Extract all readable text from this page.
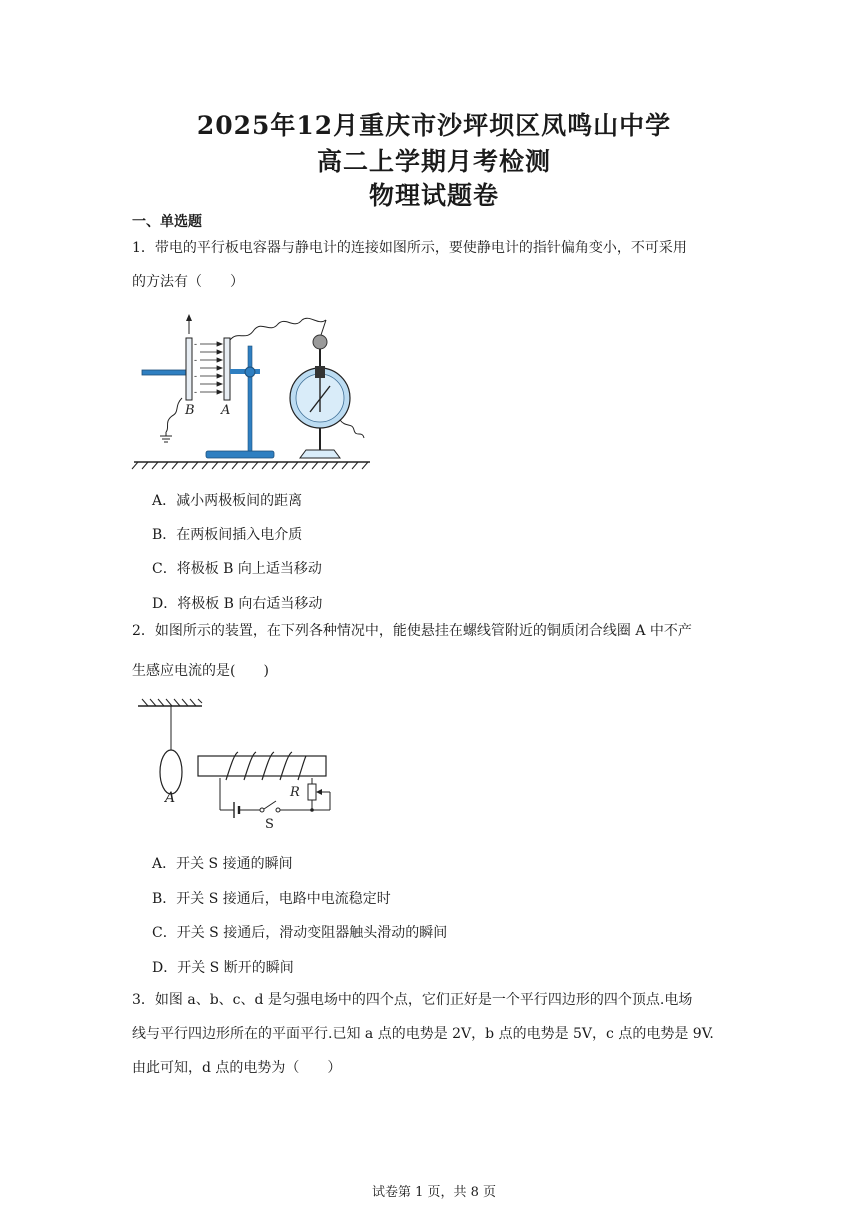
2025年12月重庆市沙坪坝区凤鸣山中学
高二上学期月考检测
物理试题卷
一、单选题
1．带电的平行板电容器与静电计的连接如图所示，要使静电计的指针偏角变小，不可采用
的方法有（　　）
-
-
-
-
B A
A．减小两极板间的距离
B．在两板间插入电介质
C．将极板 B 向上适当移动
D．将极板 B 向右适当移动
2．如图所示的装置，在下列各种情况中，能使悬挂在螺线管附近的铜质闭合线圈 A 中不产
生感应电流的是(　　)
A
S
R
A．开关 S 接通的瞬间
B．开关 S 接通后，电路中电流稳定时
C．开关 S 接通后，滑动变阻器触头滑动的瞬间
D．开关 S 断开的瞬间
3．如图 a、b、c、d 是匀强电场中的四个点，它们正好是一个平行四边形的四个顶点.电场
线与平行四边形所在的平面平行.已知 a 点的电势是 2V，b 点的电势是 5V，c 点的电势是 9V.
由此可知，d 点的电势为（　　）
试卷第 1 页，共 8 页
